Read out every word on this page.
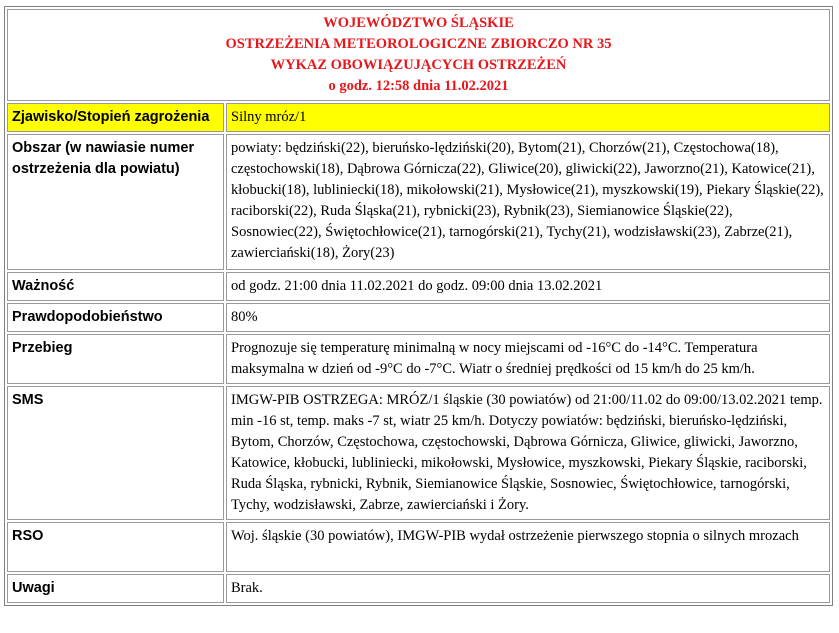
WOJEWÓDZTWO ŚLĄSKIE
OSTRZEŻENIA METEOROLOGICZNE ZBIORCZO NR 35
WYKAZ OBOWIĄZUJĄCYCH OSTRZEŻEŃ
o godz. 12:58 dnia 11.02.2021	

Zjawisko/Stopień zagrożenia	Silny mróz/1
Obszar (w nawiasie numer ostrzeżenia dla powiatu)	powiaty: będziński(22), bieruńsko-lędziński(20), Bytom(21), Chorzów(21), Częstochowa(18), częstochowski(18), Dąbrowa Górnicza(22), Gliwice(20), gliwicki(22), Jaworzno(21), Katowice(21), kłobucki(18), lubliniecki(18), mikołowski(21), Mysłowice(21), myszkowski(19), Piekary Śląskie(22), raciborski(22), Ruda Śląska(21), rybnicki(23), Rybnik(23), Siemianowice Śląskie(22), Sosnowiec(22), Świętochłowice(21), tarnogórski(21), Tychy(21), wodzisławski(23), Zabrze(21), zawierciański(18), Żory(23)
Ważność	od godz. 21:00 dnia 11.02.2021 do godz. 09:00 dnia 13.02.2021
Prawdopodobieństwo	80%
Przebieg	Prognozuje się temperaturę minimalną w nocy miejscami od -16°C do -14°C. Temperatura maksymalna w dzień od -9°C do -7°C. Wiatr o średniej prędkości od 15 km/h do 25 km/h.
SMS	IMGW-PIB OSTRZEGA: MRÓZ/1 śląskie (30 powiatów) od 21:00/11.02 do 09:00/13.02.2021 temp. min -16 st, temp. maks -7 st, wiatr 25 km/h. Dotyczy powiatów: będziński, bieruńsko-lędziński, Bytom, Chorzów, Częstochowa, częstochowski, Dąbrowa Górnicza, Gliwice, gliwicki, Jaworzno, Katowice, kłobucki, lubliniecki, mikołowski, Mysłowice, myszkowski, Piekary Śląskie, raciborski, Ruda Śląska, rybnicki, Rybnik, Siemianowice Śląskie, Sosnowiec, Świętochłowice, tarnogórski, Tychy, wodzisławski, Zabrze, zawierciański i Żory.
RSO	Woj. śląskie (30 powiatów), IMGW-PIB wydał ostrzeżenie pierwszego stopnia o silnych mrozach
Uwagi	Brak.
